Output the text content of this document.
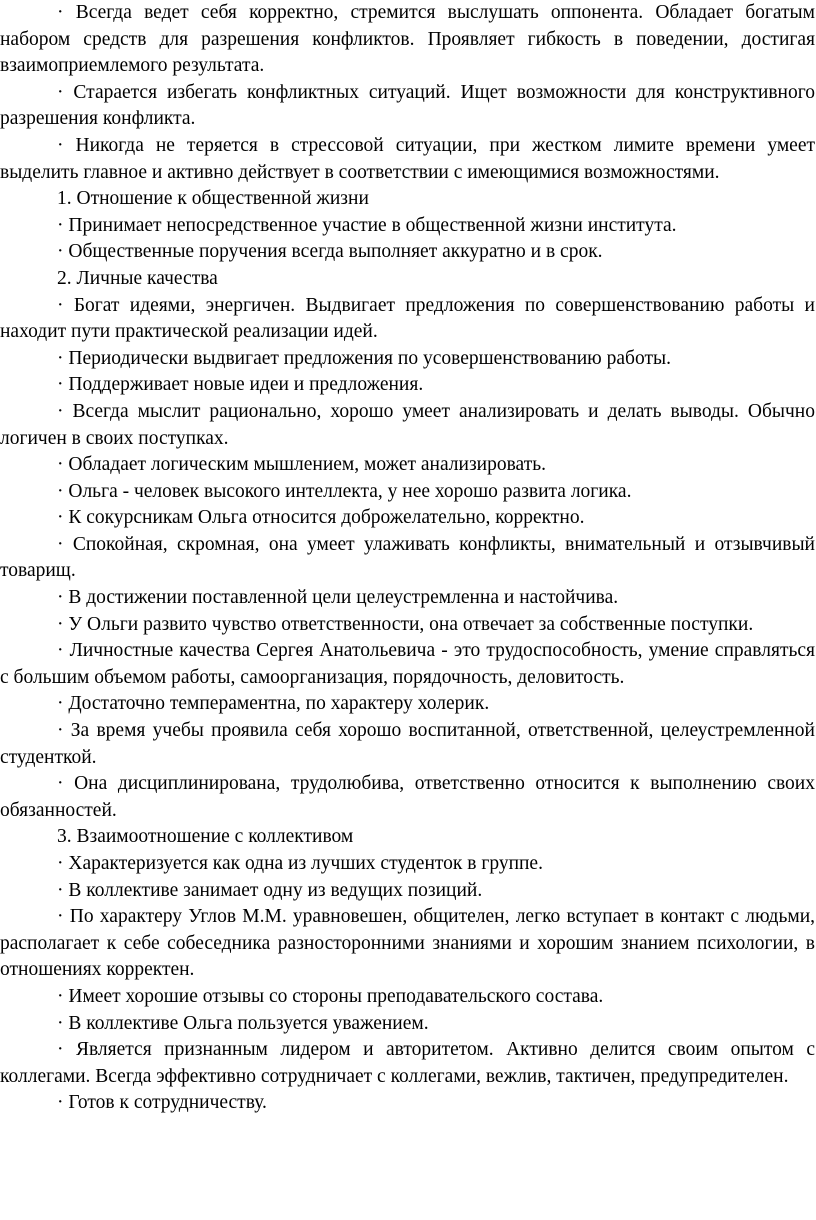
· Всегда ведет себя корректно, стремится выслушать оппонента. Обладает богатым набором средств для разрешения конфликтов. Проявляет гибкость в поведении, достигая взаимоприемлемого результата.

· Старается избегать конфликтных ситуаций. Ищет возможности для конструктивного разрешения конфликта.

· Никогда не теряется в стрессовой ситуации, при жестком лимите времени умеет выделить главное и активно действует в соответствии с имеющимися возможностями.

1. Отношение к общественной жизни

· Принимает непосредственное участие в общественной жизни института.

· Общественные поручения всегда выполняет аккуратно и в срок.

2. Личные качества

· Богат идеями, энергичен. Выдвигает предложения по совершенствованию работы и находит пути практической реализации идей.

· Периодически выдвигает предложения по усовершенствованию работы.

· Поддерживает новые идеи и предложения.

· Всегда мыслит рационально, хорошо умеет анализировать и делать выводы. Обычно логичен в своих поступках.

· Обладает логическим мышлением, может анализировать.

· Ольга - человек высокого интеллекта, у нее хорошо развита логика.

· К сокурсникам Ольга относится доброжелательно, корректно.

· Спокойная, скромная, она умеет улаживать конфликты, внимательный и отзывчивый товарищ.

· В достижении поставленной цели целеустремленна и настойчива.

· У Ольги развито чувство ответственности, она отвечает за собственные поступки.

· Личностные качества Сергея Анатольевича - это трудоспособность, умение справляться с большим объемом работы, самоорганизация, порядочность, деловитость.

· Достаточно темпераментна, по характеру холерик.

· За время учебы проявила себя хорошо воспитанной, ответственной, целеустремленной студенткой.

· Она дисциплинирована, трудолюбива, ответственно относится к выполнению своих обязанностей.

3. Взаимоотношение с коллективом

· Характеризуется как одна из лучших студенток в группе.

· В коллективе занимает одну из ведущих позиций.

· По характеру Углов М.М. уравновешен, общителен, легко вступает в контакт с людьми, располагает к себе собеседника разносторонними знаниями и хорошим знанием психологии, в отношениях корректен.

· Имеет хорошие отзывы со стороны преподавательского состава.

· В коллективе Ольга пользуется уважением.

· Является признанным лидером и авторитетом. Активно делится своим опытом с коллегами. Всегда эффективно сотрудничает с коллегами, вежлив, тактичен, предупредителен.

· Готов к сотрудничеству.
